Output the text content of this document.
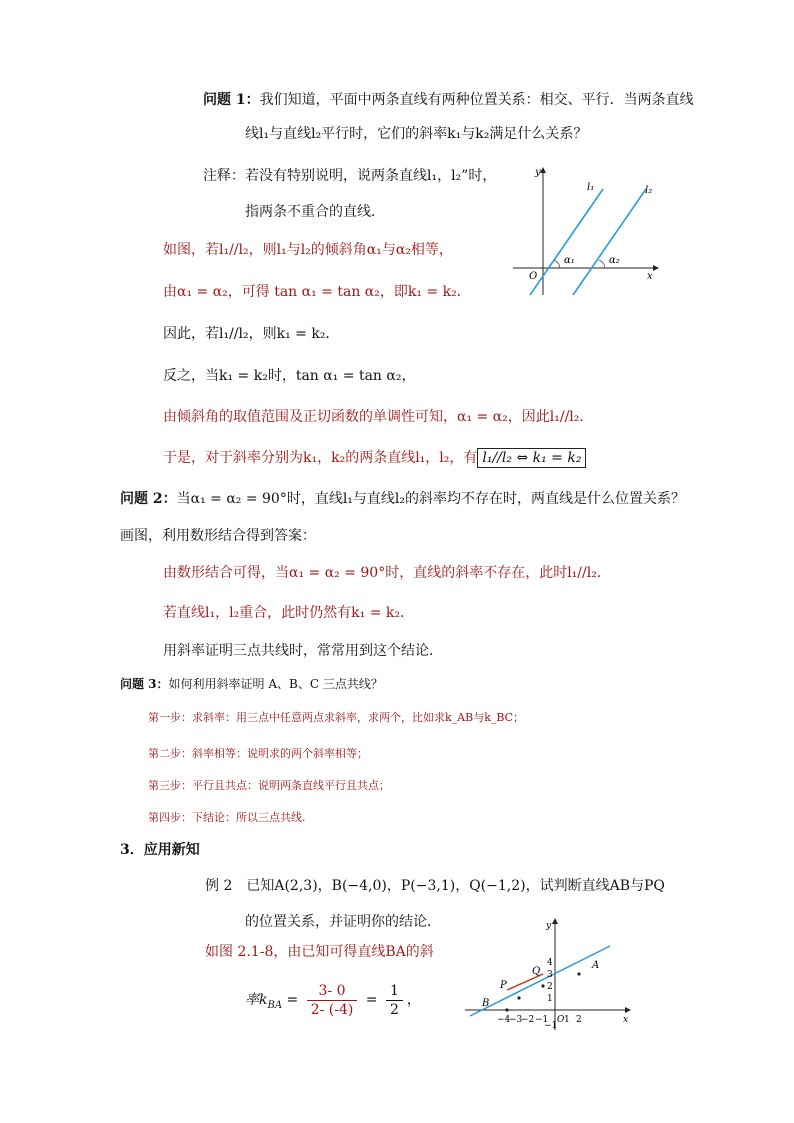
问题 1：我们知道，平面中两条直线有两种位置关系：相交、平行．当两条直线
线l₁与直线l₂平行时，它们的斜率k₁与k₂满足什么关系？
注释：若没有特别说明，说两条直线l₁，l₂”时，
指两条不重合的直线．
如图，若l₁//l₂，则l₁与l₂的倾斜角α₁与α₂相等，
由α₁ = α₂，可得 tan α₁ = tan α₂，即k₁ = k₂．
因此，若l₁//l₂，则k₁ = k₂．
反之，当k₁ = k₂时，tan α₁ = tan α₂，
由倾斜角的取值范围及正切函数的单调性可知，α₁ = α₂，因此l₁//l₂．
于是，对于斜率分别为k₁，k₂的两条直线l₁，l₂，有 l₁//l₂ ⇔ k₁ = k₂
y
x
O
l₁	l₂
α₁	α₂
问题 2：当α₁ = α₂ = 90°时，直线l₁与直线l₂的斜率均不存在时，两直线是什么位置关系？
画图，利用数形结合得到答案：
由数形结合可得，当α₁ = α₂ = 90°时，直线的斜率不存在，此时l₁//l₂．
若直线l₁，l₂重合，此时仍然有k₁ = k₂．
用斜率证明三点共线时，常常用到这个结论．
问题 3：如何利用斜率证明 A、B、C 三点共线？
第一步：求斜率：用三点中任意两点求斜率，求两个，比如求k_AB与k_BC；
第二步：斜率相等：说明求的两个斜率相等；
第三步：平行且共点：说明两条直线平行且共点；
第四步：下结论：所以三点共线.
3．应用新知
例 2　已知A(2,3)，B(−4,0)，P(−3,1)，Q(−1,2)，试判断直线AB与PQ
的位置关系，并证明你的结论．
如图 2.1-8，由已知可得直线BA的斜
率$k_{BA} = \frac{3- 0}{2- (-4)} = \frac{1}{2}$ ，
A
B
P
Q
x
y
O
−4
−3
−2 −1 1 2
4
3
2
1
−1
